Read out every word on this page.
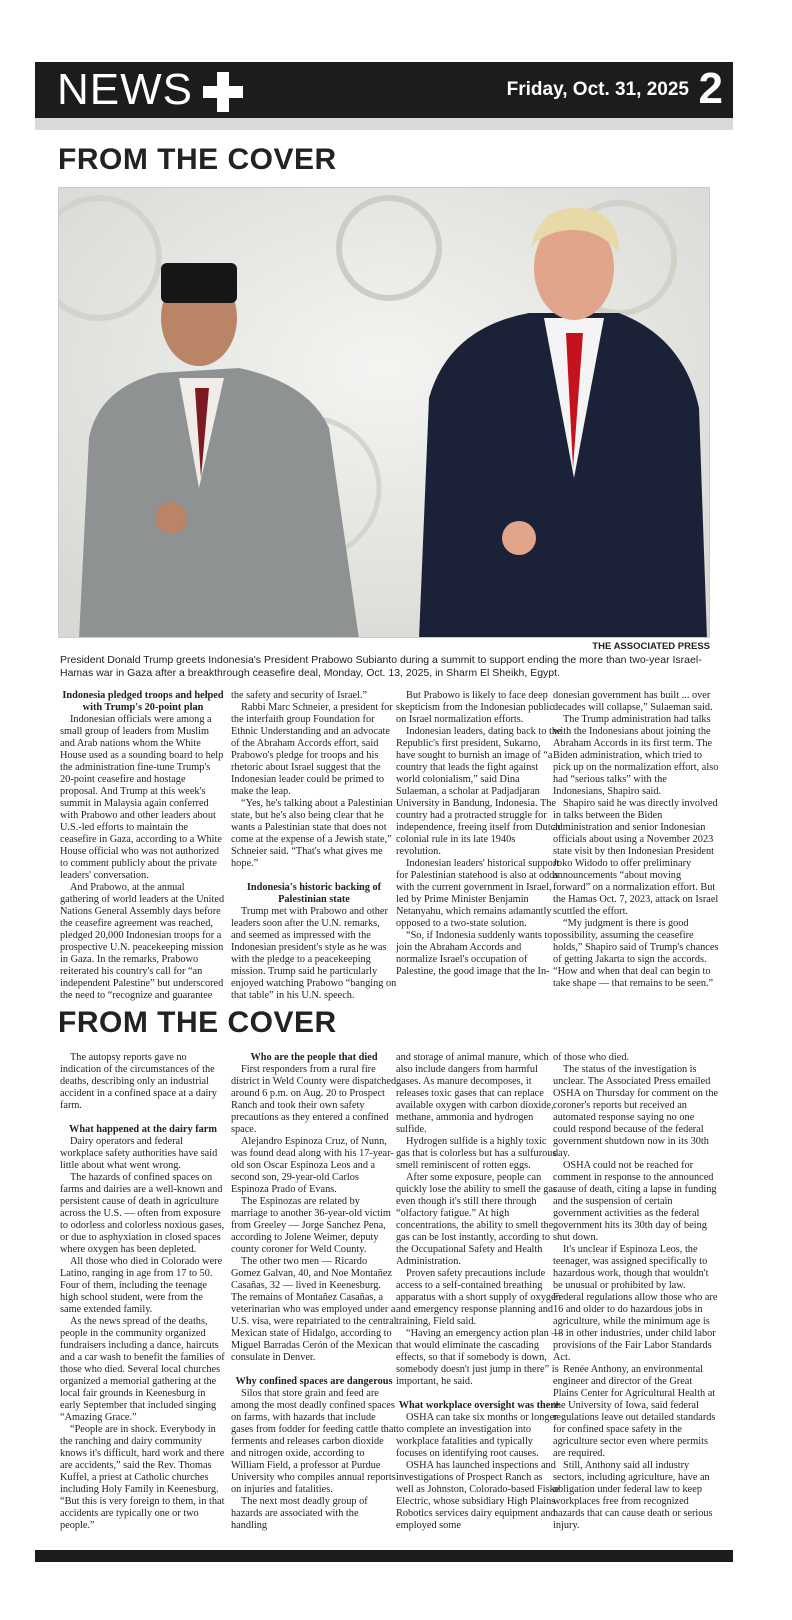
NEWS	Friday, Oct. 31, 2025 2
FROM THE COVER
THE ASSOCIATED PRESS
President Donald Trump greets Indonesia's President Prabowo Subianto during a summit to support ending the more than two-year Israel-Hamas war in Gaza after a breakthrough ceasefire deal, Monday, Oct. 13, 2025, in Sharm El Sheikh, Egypt.
Indonesia pledged troops and helped with Trump's 20-point plan

Indonesian officials were among a small group of leaders from Muslim and Arab nations whom the White House used as a sounding board to help the administration fine-tune Trump's 20-point ceasefire and hostage proposal. And Trump at this week's summit in Malaysia again conferred with Prabowo and other leaders about U.S.-led efforts to maintain the ceasefire in Gaza, according to a White House official who was not authorized to comment publicly about the private leaders' conversation.

And Prabowo, at the annual gathering of world leaders at the United Nations General Assembly days before the ceasefire agreement was reached, pledged 20,000 Indonesian troops for a prospective U.N. peacekeeping mission in Gaza. In the remarks, Prabowo reiterated his country's call for “an independent Palestine” but underscored the need to “recognize and guarantee

the safety and security of Israel.”

Rabbi Marc Schneier, a president for the interfaith group Foundation for Ethnic Understanding and an advocate of the Abraham Accords effort, said Prabowo's pledge for troops and his rhetoric about Israel suggest that the Indonesian leader could be primed to make the leap.

“Yes, he's talking about a Palestinian state, but he's also being clear that he wants a Palestinian state that does not come at the expense of a Jewish state,” Schneier said. “That's what gives me hope.”

Indonesia's historic backing of Palestinian state

Trump met with Prabowo and other leaders soon after the U.N. remarks, and seemed as impressed with the Indonesian president's style as he was with the pledge to a peacekeeping mission. Trump said he particularly enjoyed watching Prabowo “banging on that table” in his U.N. speech.

But Prabowo is likely to face deep skepticism from the Indonesian public on Israel normalization efforts.

Indonesian leaders, dating back to the Republic's first president, Sukarno, have sought to burnish an image of “a country that leads the fight against world colonialism,” said Dina Sulaeman, a scholar at Padjadjaran University in Bandung, Indonesia. The country had a protracted struggle for independence, freeing itself from Dutch colonial rule in its late 1940s revolution.

Indonesian leaders' historical support for Palestinian statehood is also at odds with the current government in Israel, led by Prime Minister Benjamin Netanyahu, which remains adamantly opposed to a two-state solution.

“So, if Indonesia suddenly wants to join the Abraham Accords and normalize Israel's occupation of Palestine, the good image that the In-

donesian government has built ... over decades will collapse,” Sulaeman said.

The Trump administration had talks with the Indonesians about joining the Abraham Accords in its first term. The Biden administration, which tried to pick up on the normalization effort, also had “serious talks” with the Indonesians, Shapiro said.

Shapiro said he was directly involved in talks between the Biden administration and senior Indonesian officials about using a November 2023 state visit by then Indonesian President Joko Widodo to offer preliminary announcements “about moving forward” on a normalization effort. But the Hamas Oct. 7, 2023, attack on Israel scuttled the effort.

“My judgment is there is good possibility, assuming the ceasefire holds,” Shapiro said of Trump's chances of getting Jakarta to sign the accords. “How and when that deal can begin to take shape — that remains to be seen.”

FROM THE COVER

The autopsy reports gave no indication of the circumstances of the deaths, describing only an industrial accident in a confined space at a dairy farm.

What happened at the dairy farm

Dairy operators and federal workplace safety authorities have said little about what went wrong.

The hazards of confined spaces on farms and dairies are a well-known and persistent cause of death in agriculture across the U.S. — often from exposure to odorless and colorless noxious gases, or due to asphyxiation in closed spaces where oxygen has been depleted.

All those who died in Colorado were Latino, ranging in age from 17 to 50. Four of them, including the teenage high school student, were from the same extended family.

As the news spread of the deaths, people in the community organized fundraisers including a dance, haircuts and a car wash to benefit the families of those who died. Several local churches organized a memorial gathering at the local fair grounds in Keenesburg in early September that included singing “Amazing Grace.”

“People are in shock. Everybody in the ranching and dairy community knows it's difficult, hard work and there are accidents,” said the Rev. Thomas Kuffel, a priest at Catholic churches including Holy Family in Keenesburg. “But this is very foreign to them, in that accidents are typically one or two people.”

Who are the people that died

First responders from a rural fire district in Weld County were dispatched around 6 p.m. on Aug. 20 to Prospect Ranch and took their own safety precautions as they entered a confined space.

Alejandro Espinoza Cruz, of Nunn, was found dead along with his 17-year-old son Oscar Espinoza Leos and a second son, 29-year-old Carlos Espinoza Prado of Evans.

The Espinozas are related by marriage to another 36-year-old victim from Greeley — Jorge Sanchez Pena, according to Jolene Weimer, deputy county coroner for Weld County.

The other two men — Ricardo Gomez Galvan, 40, and Noe Montañez Casañas, 32 — lived in Keenesburg. The remains of Montañez Casañas, a veterinarian who was employed under a U.S. visa, were repatriated to the central Mexican state of Hidalgo, according to Miguel Barradas Cerón of the Mexican consulate in Denver.

Why confined spaces are dangerous

Silos that store grain and feed are among the most deadly confined spaces on farms, with hazards that include gases from fodder for feeding cattle that ferments and releases carbon dioxide and nitrogen oxide, according to William Field, a professor at Purdue University who compiles annual reports on injuries and fatalities.

The next most deadly group of hazards are associated with the handling

and storage of animal manure, which also include dangers from harmful gases. As manure decomposes, it releases toxic gases that can replace available oxygen with carbon dioxide, methane, ammonia and hydrogen sulfide.

Hydrogen sulfide is a highly toxic gas that is colorless but has a sulfurous smell reminiscent of rotten eggs.

After some exposure, people can quickly lose the ability to smell the gas even though it's still there through “olfactory fatigue.” At high concentrations, the ability to smell the gas can be lost instantly, according to the Occupational Safety and Health Administration.

Proven safety precautions include access to a self-contained breathing apparatus with a short supply of oxygen and emergency response planning and training, Field said.

“Having an emergency action plan — that would eliminate the cascading effects, so that if somebody is down, somebody doesn't just jump in there” is important, he said.

What workplace oversight was there

OSHA can take six months or longer to complete an investigation into workplace fatalities and typically focuses on identifying root causes.

OSHA has launched inspections and investigations of Prospect Ranch as well as Johnston, Colorado-based Fiske Electric, whose subsidiary High Plains Robotics services dairy equipment and employed some

of those who died.

The status of the investigation is unclear. The Associated Press emailed OSHA on Thursday for comment on the coroner's reports but received an automated response saying no one could respond because of the federal government shutdown now in its 30th day.

OSHA could not be reached for comment in response to the announced cause of death, citing a lapse in funding and the suspension of certain government activities as the federal government hits its 30th day of being shut down.

It's unclear if Espinoza Leos, the teenager, was assigned specifically to hazardous work, though that wouldn't be unusual or prohibited by law. Federal regulations allow those who are 16 and older to do hazardous jobs in agriculture, while the minimum age is 18 in other industries, under child labor provisions of the Fair Labor Standards Act.

Renée Anthony, an environmental engineer and director of the Great Plains Center for Agricultural Health at the University of Iowa, said federal regulations leave out detailed standards for confined space safety in the agriculture sector even where permits are required.

Still, Anthony said all industry sectors, including agriculture, have an obligation under federal law to keep workplaces free from recognized hazards that can cause death or serious injury.
